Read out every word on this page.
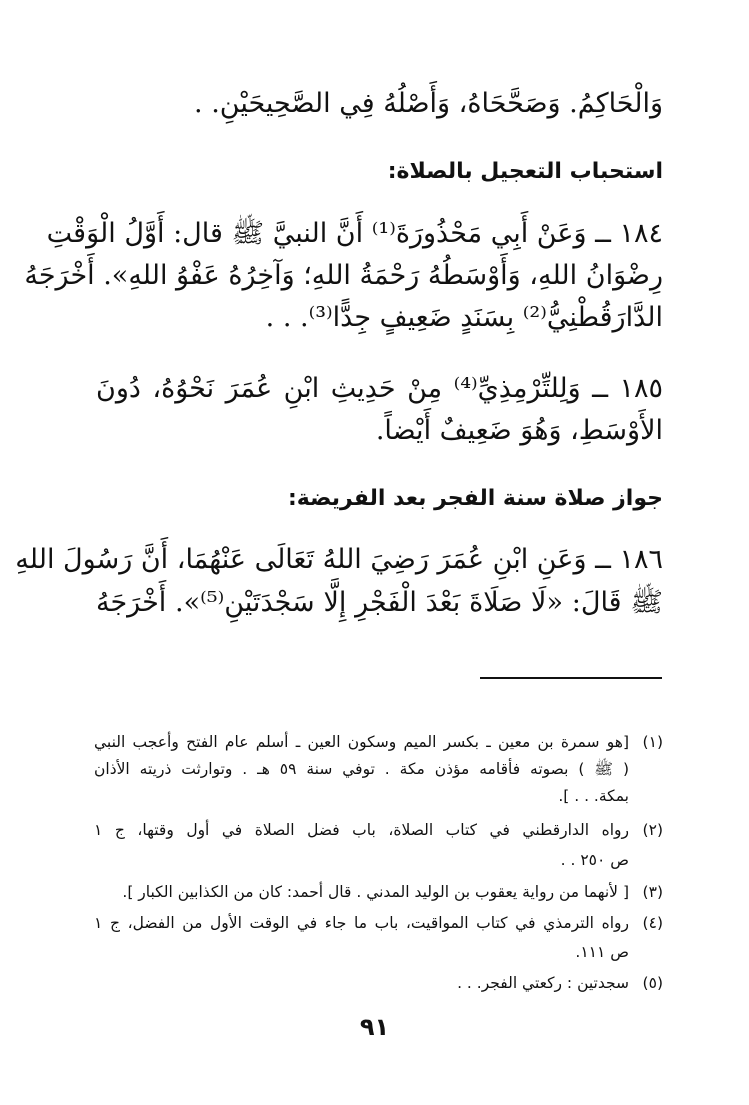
وَالْحَاكِمُ. وَصَحَّحَاهُ، وَأَصْلُهُ فِي الصَّحِيحَيْنِ. .
استحباب التعجيل بالصلاة:
١٨٤ ــ وَعَنْ أَبِي مَحْذُورَةَ⁽¹⁾ أَنَّ النبيَّ ﷺ قال: أَوَّلُ الْوَقْتِ
رِضْوَانُ اللهِ، وَأَوْسَطُهُ رَحْمَةُ اللهِ؛ وَآخِرُهُ عَفْوُ اللهِ». أَخْرَجَهُ
الدَّارَقُطْنِيُّ⁽²⁾ بِسَنَدٍ ضَعِيفٍ جِدًّا⁽³⁾. . .
١٨٥ ــ وَلِلتِّرْمِذِيِّ⁽⁴⁾ مِنْ حَدِيثِ ابْنِ عُمَرَ نَحْوُهُ، دُونَ
الأَوْسَطِ، وَهُوَ ضَعِيفٌ أَيْضاً.
جواز صلاة سنة الفجر بعد الفريضة:
١٨٦ ــ وَعَنِ ابْنِ عُمَرَ رَضِيَ اللهُ تَعَالَى عَنْهُمَا، أَنَّ رَسُولَ اللهِ
ﷺ قَالَ: «لَا صَلَاةَ بَعْدَ الْفَجْرِ إِلَّا سَجْدَتَيْنِ⁽⁵⁾». أَخْرَجَهُ
(١)[هو سمرة بن معين ـ بكسر الميم وسكون العين ـ أسلم عام الفتح وأعجب النبي
( ﷺ ) بصوته فأقامه مؤذن مكة . توفي سنة ٥٩ هـ . وتوارثت ذريته الأذان
بمكة. . . ].
(٢)رواه الدارقطني في كتاب الصلاة، باب فضل الصلاة في أول وقتها، ج ١
ص ٢٥٠ . .
(٣)[ لأنهما من رواية يعقوب بن الوليد المدني . قال أحمد: كان من الكذابين الكبار ].
(٤)رواه الترمذي في كتاب المواقيت، باب ما جاء في الوقت الأول من الفضل، ج ١
ص ١١١.
(٥)سجدتين : ركعتي الفجر. . .
٩١
